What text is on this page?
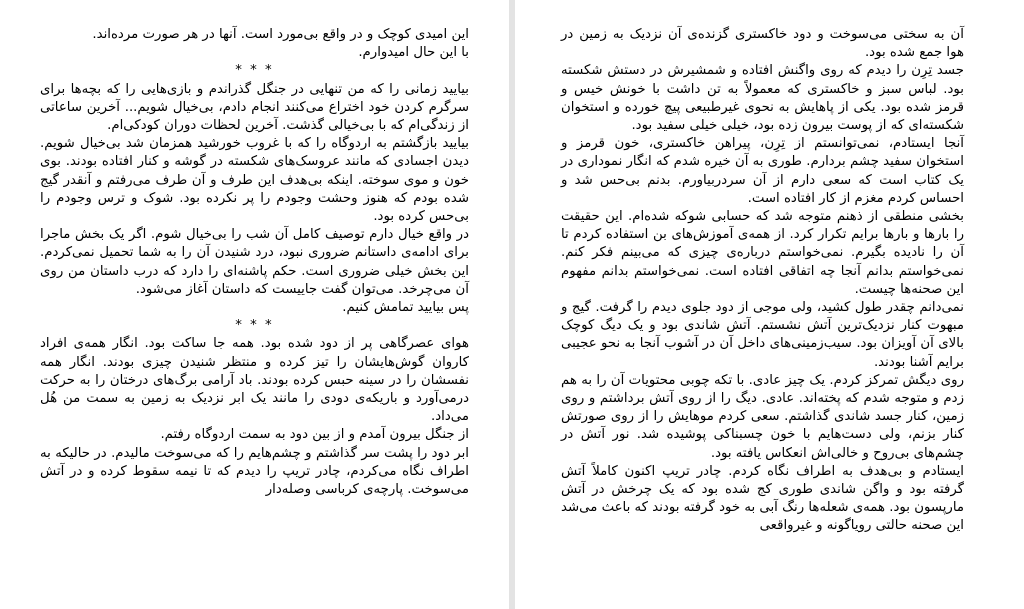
این امیدی کوچک و در واقع بی‌مورد است. آنها در هر صورت مرده‌اند.

با این حال امیدوارم.

* * *

بیایید زمانی را که من تنهایی در جنگل گذراندم و بازی‌هایی را که بچه‌ها برای سرگرم کردن خود اختراع می‌کنند انجام دادم، بی‌خیال شویم... آخرین ساعاتی از زندگی‌ام که با بی‌خیالی گذشت. آخرین لحظات دوران کودکی‌ام.

بیایید بازگشتم به اردوگاه را که با غروب خورشید همزمان شد بی‌خیال شویم. دیدن اجسادی که مانند عروسک‌های شکسته در گوشه و کنار افتاده بودند. بوی خون و موی سوخته. اینکه بی‌هدف این طرف و آن طرف می‌رفتم و آنقدر گیج شده بودم که هنوز وحشت وجودم را پر نکرده بود. شوک و ترس وجودم را بی‌حس کرده بود.

در واقع خیال دارم توصیف کامل آن شب را بی‌خیال شوم. اگر یک بخش ماجرا برای ادامه‌ی داستانم ضروری نبود، درد شنیدن آن را به شما تحمیل نمی‌کردم. این بخش خیلی ضروری است. حکم پاشنه‌ای را دارد که درب داستان من روی آن می‌چرخد. می‌توان گفت جاییست که داستان آغاز می‌شود.

پس بیایید تمامش کنیم.

* * *

هوای عصرگاهی پر از دود شده بود. همه جا ساکت بود. انگار همه‌ی افراد کاروان گوش‌هایشان را تیز کرده و منتظر شنیدن چیزی بودند. انگار همه نفسشان را در سینه حبس کرده بودند. باد آرامی برگ‌های درختان را به حرکت درمی‌آورد و باریکه‌ی دودی را مانند یک ابر نزدیک به زمین به سمت من هُل می‌داد.

از جنگل بیرون آمدم و از بین دود به سمت اردوگاه رفتم.

ابر دود را پشت سر گذاشتم و چشم‌هایم را که می‌سوخت مالیدم. در حالیکه به اطراف نگاه می‌کردم، چادر تریپ را دیدم که تا نیمه سقوط کرده و در آتش می‌سوخت. پارچه‌ی کرباسی وصله‌دار

آن به سختی می‌سوخت و دود خاکستری گزنده‌ی آن نزدیک به زمین در هوا جمع شده بود.

جسد تِرِن را دیدم که روی واگنش افتاده و شمشیرش در دستش شکسته بود. لباس سبز و خاکستری که معمولاً به تن داشت با خونش خیس و قرمز شده بود. یکی از پاهایش به نحوی غیرطبیعی پیچ خورده و استخوان شکسته‌ای که از پوست بیرون زده بود، خیلی خیلی سفید بود.

آنجا ایستادم، نمی‌توانستم از تِرِن، پیراهن خاکستری، خون قرمز و استخوان سفید چشم بردارم. طوری به آن خیره شدم که انگار نموداری در یک کتاب است که سعی دارم از آن سردربیاورم. بدنم بی‌حس شد و احساس کردم مغزم از کار افتاده است.

بخشی منطقی از ذهنم متوجه شد که حسابی شوکه شده‌ام. این حقیقت را بارها و بارها برایم تکرار کرد. از همه‌ی آموزش‌های بن استفاده کردم تا آن را نادیده بگیرم. نمی‌خواستم درباره‌ی چیزی که می‌بینم فکر کنم. نمی‌خواستم بدانم آنجا چه اتفاقی افتاده است. نمی‌خواستم بدانم مفهوم این صحنه‌ها چیست.

نمی‌دانم چقدر طول کشید، ولی موجی از دود جلوی دیدم را گرفت. گیج و مبهوت کنار نزدیک‌ترین آتش نشستم. آتش شاندی بود و یک دیگ کوچک بالای آن آویزان بود. سیب‌زمینی‌های داخل آن در آشوب آنجا به نحو عجیبی برایم آشنا بودند.

روی دیگش تمرکز کردم. یک چیز عادی. با تکه چوبی محتویات آن را به هم زدم و متوجه شدم که پخته‌اند. عادی. دیگ را از روی آتش برداشتم و روی زمین، کنار جسد شاندی گذاشتم. سعی کردم موهایش را از روی صورتش کنار بزنم، ولی دست‌هایم با خون چسبناکی پوشیده شد. نور آتش در چشم‌های بی‌روح و خالی‌اش انعکاس یافته بود.

ایستادم و بی‌هدف به اطراف نگاه کردم. چادر تریپ اکنون کاملاً آتش گرفته بود و واگن شاندی طوری کج شده بود که یک چرخش در آتش مارپسون بود. همه‌ی شعله‌ها رنگ آبی به خود گرفته بودند که باعث می‌شد این صحنه حالتی رویاگونه و غیرواقعی
